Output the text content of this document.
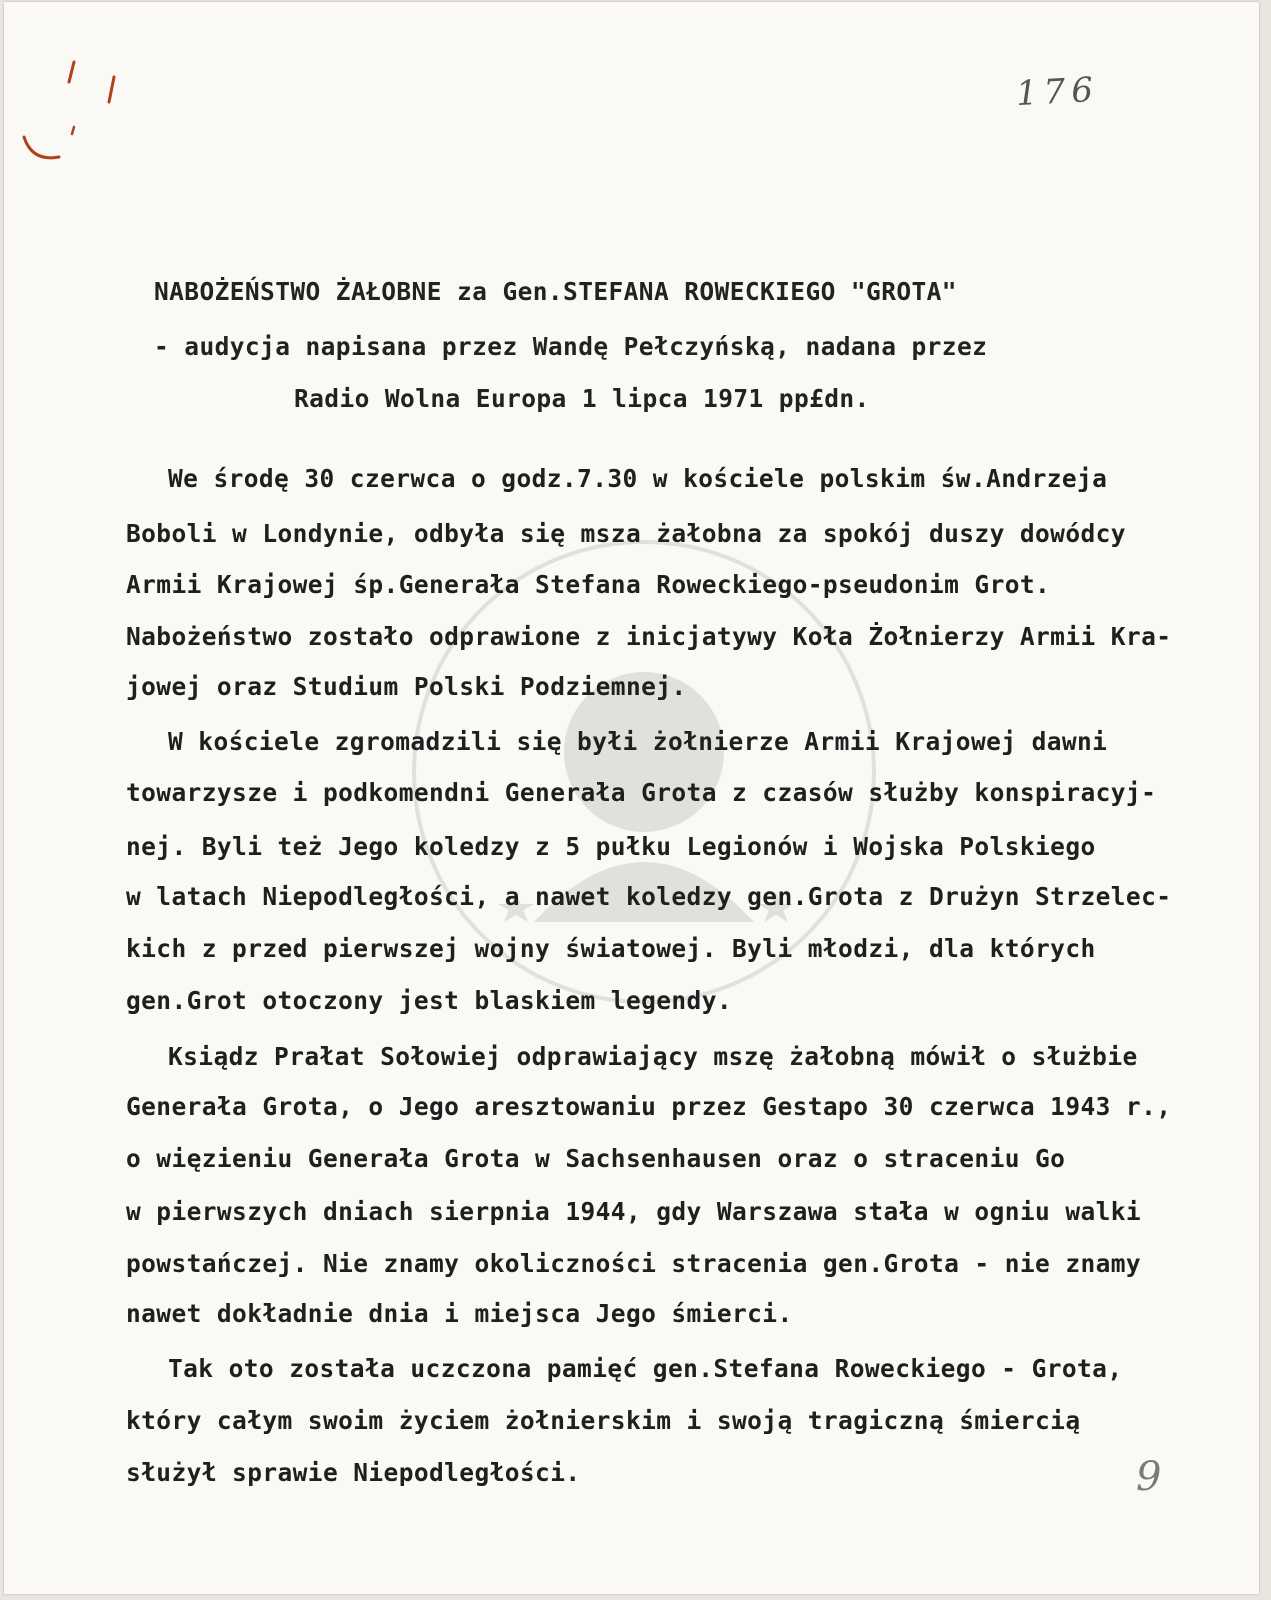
176
NABOŻEŃSTWO ŻAŁOBNE za Gen.STEFANA ROWECKIEGO "GROTA"
- audycja napisana przez Wandę Pełczyńską, nadana przez
Radio Wolna Europa 1 lipca 1971 pp£dn.
We środę 30 czerwca o godz.7.30 w kościele polskim św.Andrzeja
Boboli w Londynie, odbyła się msza żałobna za spokój duszy dowódcy
Armii Krajowej śp.Generała Stefana Roweckiego-pseudonim Grot.
Nabożeństwo zostało odprawione z inicjatywy Koła Żołnierzy Armii Kra-
jowej oraz Studium Polski Podziemnej.
W kościele zgromadzili się byłi żołnierze Armii Krajowej dawni
towarzysze i podkomendni Generała Grota z czasów służby konspiracyj-
nej. Byli też Jego koledzy z 5 pułku Legionów i Wojska Polskiego
w latach Niepodległości, a nawet koledzy gen.Grota z Drużyn Strzelec-
kich z przed pierwszej wojny światowej. Byli młodzi, dla których
gen.Grot otoczony jest blaskiem legendy.
Ksiądz Prałat Sołowiej odprawiający mszę żałobną mówił o służbie
Generała Grota, o Jego aresztowaniu przez Gestapo 30 czerwca 1943 r.,
o więzieniu Generała Grota w Sachsenhausen oraz o straceniu Go
w pierwszych dniach sierpnia 1944, gdy Warszawa stała w ogniu walki
powstańczej. Nie znamy okoliczności stracenia gen.Grota - nie znamy
nawet dokładnie dnia i miejsca Jego śmierci.
Tak oto została uczczona pamięć gen.Stefana Roweckiego - Grota,
który całym swoim życiem żołnierskim i swoją tragiczną śmiercią
służył sprawie Niepodległości.	9
